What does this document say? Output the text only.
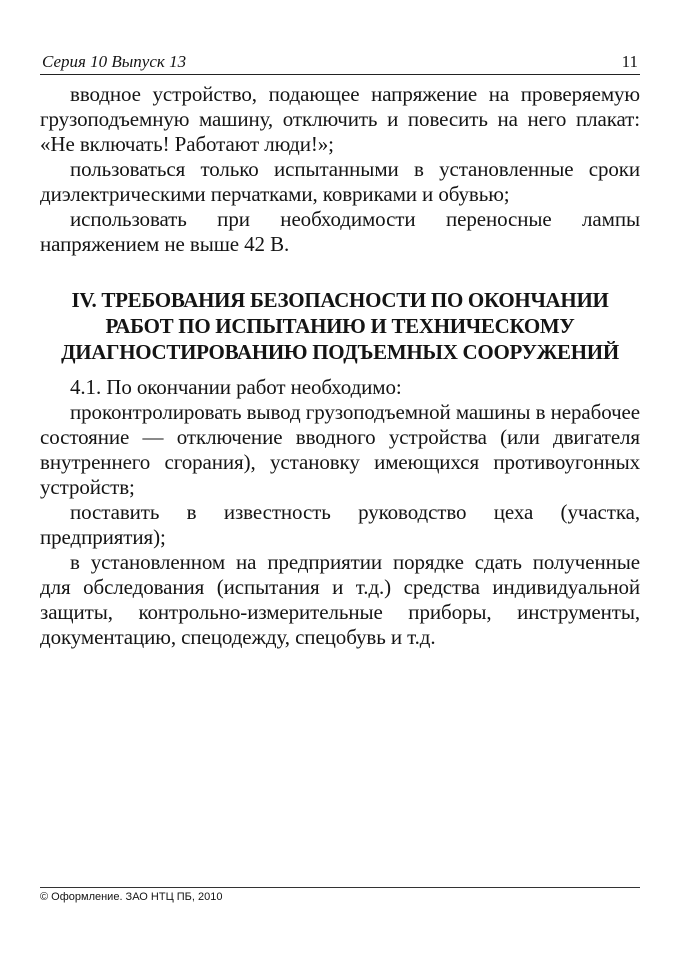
Серия 10 Выпуск 13	11

вводное устройство, подающее напряжение на проверяемую грузоподъемную машину, отключить и повесить на него плакат: «Не включать! Работают люди!»;

пользоваться только испытанными в установленные сроки диэлектрическими перчатками, ковриками и обувью;

использовать при необходимости переносные лампы напряжением не выше 42 В.

IV. ТРЕБОВАНИЯ БЕЗОПАСНОСТИ ПО ОКОНЧАНИИ
РАБОТ ПО ИСПЫТАНИЮ И ТЕХНИЧЕСКОМУ
ДИАГНОСТИРОВАНИЮ ПОДЪЕМНЫХ СООРУЖЕНИЙ

4.1. По окончании работ необходимо:

проконтролировать вывод грузоподъемной машины в нерабочее состояние — отключение вводного устройства (или двигателя внутреннего сгорания), установку имеющихся противоугонных устройств;

поставить в известность руководство цеха (участка, предприятия);

в установленном на предприятии порядке сдать полученные для обследования (испытания и т.д.) средства индивидуальной защиты, контрольно-измерительные приборы, инструменты, документацию, спецодежду, спецобувь и т.д.

© Оформление. ЗАО НТЦ ПБ, 2010
